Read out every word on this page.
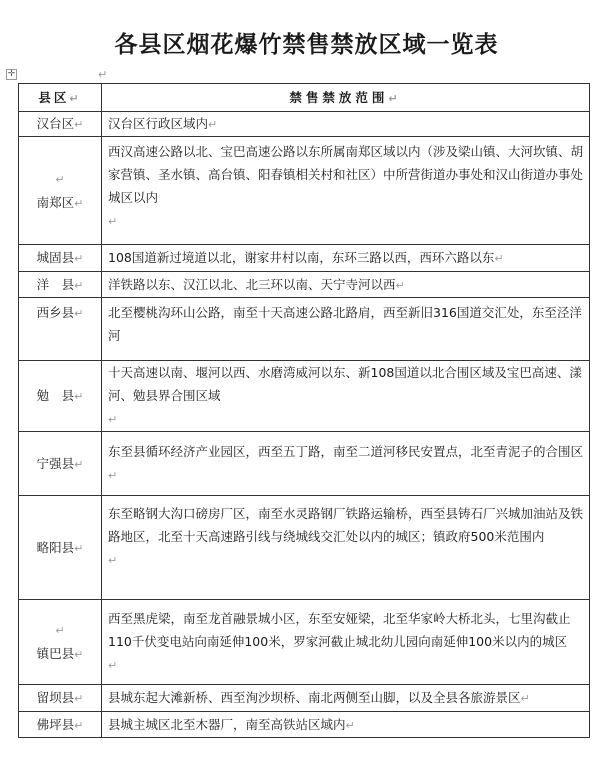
各县区烟花爆竹禁售禁放区域一览表
✛	↵
县区↵	禁售禁放范围↵
汉台区↵	汉台区行政区域内↵
↵
南郑区↵	西汉高速公路以北、宝巴高速公路以东所属南郑区域以内（涉及梁山镇、大河坎镇、胡家营镇、圣水镇、高台镇、阳春镇相关村和社区）中所营街道办事处和汉山街道办事处城区以内
↵
城固县↵	108国道新过境道以北，谢家井村以南，东环三路以西，西环六路以东↵
洋　县↵	洋铁路以东、汉江以北、北三环以南、天宁寺河以西↵
西乡县↵	北至樱桃沟环山公路，南至十天高速公路北路肩，西至新旧316国道交汇处，东至泾洋河

勉　县↵	十天高速以南、堰河以西、水磨湾威河以东、新108国道以北合围区域及宝巴高速、漾河、勉县界合围区域
↵
宁强县↵	东至县循环经济产业园区，西至五丁路，南至二道河移民安置点，北至青泥子的合围区
↵
略阳县↵	东至略钢大沟口磅房厂区，南至水灵路钢厂铁路运输桥，西至县铸石厂兴城加油站及铁路地区，北至十天高速路引线与绕城线交汇处以内的城区；镇政府500米范围内
↵
↵
镇巴县↵	西至黑虎梁，南至龙首融景城小区，东至安娅梁，北至华家岭大桥北头，七里沟截止110千伏变电站向南延伸100米，罗家河截止城北幼儿园向南延伸100米以内的城区
↵
留坝县↵	县城东起大滩新桥、西至洵沙坝桥、南北两侧至山脚，以及全县各旅游景区↵
佛坪县↵	县城主城区北至木器厂，南至高铁站区域内↵
